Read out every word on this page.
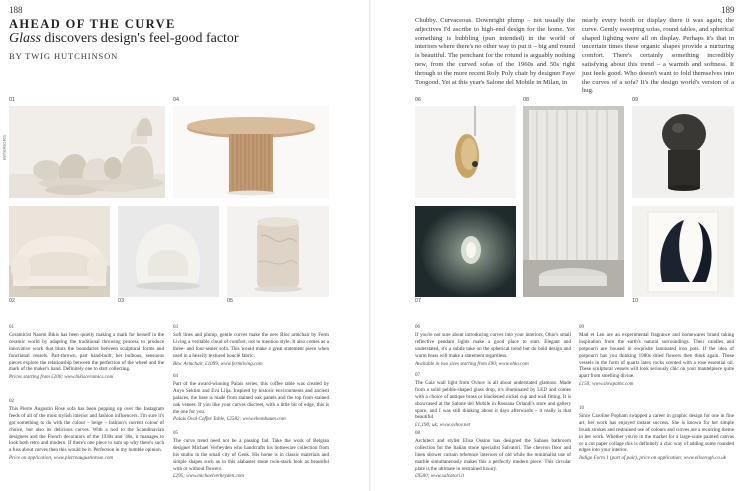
188	189
AHEAD OF THE CURVE
Glass discovers design's feel-good factor
BY TWIG HUTCHINSON
Chubby. Curvaceous. Downright plump – not usually the adjectives I'd ascribe to high-end design for the home. Yet something is bubbling (pun intended) in the world of interiors where there's no other way to put it – big and round is beautiful. The penchant for the rotund is arguably nothing new, from the curved sofas of the 1960s and 50s right through to the more recent Roly Poly chair by designer Faye Toogood. Yet at this year's Salone del Mobile in Milan, in
nearly every booth or display there it was again; the curve. Gently sweeping sofas, round tables, and spherical shaped lighting were all on display. Perhaps it's that in uncertain times these organic shapes provide a nurturing comfort. There's certainly something incredibly satisfying about this trend – a warmth and softness. It just feels good. Who doesn't want to fold themselves into the curves of a sofa? It's the design world's version of a hug.
INTERIORS
01	04
02	03	05
06	08	09
07	10
01
Ceramicist Naomi Bikis has been quietly making a mark for herself in the ceramic world by adapting the traditional throwing process to produce innovative work that blurs the boundaries between sculptural forms and functional vessels. Part-thrown, part hand-built, her bulbous, sensuous pieces explore the relationship between the perfection of the wheel and the mark of the maker's hand. Definitely one to start collecting.
Prices starting from £200; www.bikisceramics.com
02
This Pierre Augustin Rose sofa has been popping up over the Instagram feeds of all of the most stylish interior and fashion influencers. I'm sure it's got something to do with the colour – beige – fashion's current colour of choice, but also its delicious curves. With a nod to the Scandinavian designers and the French decorators of the 1930s and '40s, it manages to look both retro and modern. If there's one piece to sum up why there's such a fuss about curves then this would be it. Perfection in my humble opinion.
Price on application; www.pierreaugustinrose.com
03
Soft lines and plump, gentle curves make the new Bloc armchair by Ferm Living a veritable cloud of comfort, not to mention style. It also comes as a three- and four-seater sofa. This would make a great statement piece when used in a heavily textured bouclé fabric.
Bloc Armchair, £1099; www.fermliving.com
04
Part of the award-winning Palais series, this coffee table was created by Anyo Sektim and Eva Lilja. Inspired by historic environments and ancient palaces, the base is made from stained oak panels and the top from stained oak veneer. If you like your curves discreet, with a little bit of edge, this is the one for you.
Palais Oval Coffee Table, £2582; www.eleonbaum.com
05
The curve trend need not be a passing fad. Take the work of Belgian designer Michael Verheyden who handcrafts his homeware collection from his studio in the small city of Genk. His home is in classic materials and simple shapes such as in this alabaster stone twin-stack look as beautiful with or without flowers.
£295; www.michaelverheyden.com
06
If you're not sure about introducing curves into your interiors, Ohio's small reflective pendant lights make a good place to start. Elegant and understated, it's a subtle take on the spherical trend but do bold design and warm brass will make a statement regardless.
Available in two sizes starting from £90; www.ohio.com
07
The Gaia wall light from Ovhov is all about understated glamour. Made from a solid pebble-shaped glass drop, it's illuminated by LED and comes with a choice of antique brass or blackened nickel cup and wall fitting. It is showcased at the Salone del Mobile in Rossana Orlandi's store and gallery space, and I was still thinking about it days afterwards – it really is that beautiful.
£1,190; uk; www.ovhov.net
08
Architect and stylist Elisa Ossino has designed the Sabaus bathroom collection for the Italian stone specialist Salvatori. The chevron floor and linen shower curtain reference interiors of old while the minimalist use of marble simultaneously makes this a perfectly modern piece. This circular plate is the ultimate in restrained luxury.
£9500; www.salvatori.it
09
Mad et Len are an experimental fragrance and homewares brand taking inspiration from the earth's natural surroundings. Their candles and potpourri are housed in exquisite laminated iron pots. If the idea of potpourri has you thinking 1980s dried flowers then think again. These vessels in the form of quartz latex rocks scented with a rose essential oil. These sculptural vessels will look seriously chic on your mantelpiece quite apart from smelling divine.
£150; www.slowpaths.com
10
Since Caroline Popham swapped a career in graphic design for one in fine art, her work has enjoyed instant success. She is known for her simple brush strokes and restrained use of colours and curves are a recurring theme in her work. Whether you're in the market for a large-scale painted canvas or a cut paper collage this is definitely a chic way of adding some rounded edges into your interior.
Indigo Form 1 (part of pair), price on application; www.ellsorogh.co.uk
